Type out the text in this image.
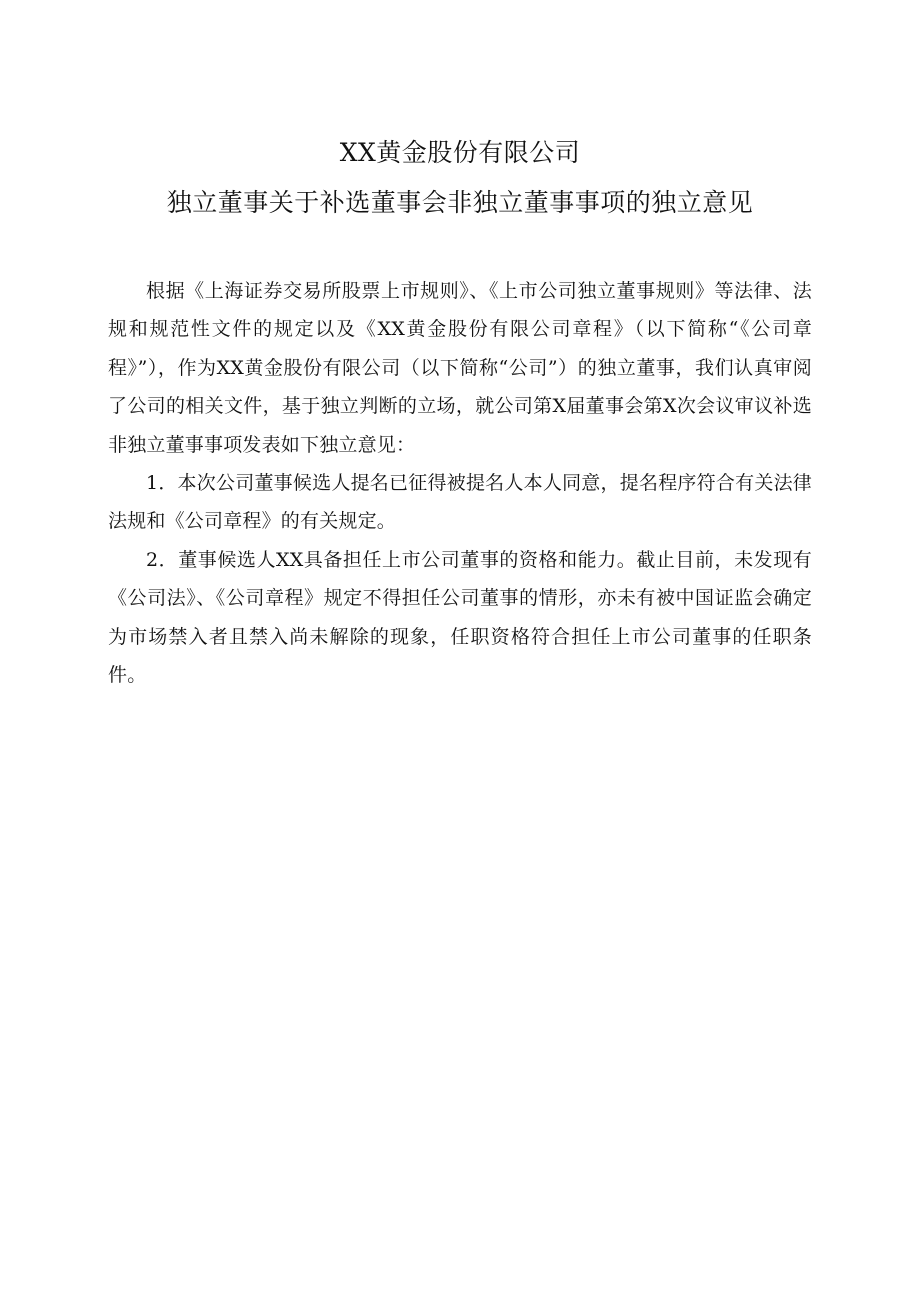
XX黄金股份有限公司
独立董事关于补选董事会非独立董事事项的独立意见

根据《上海证券交易所股票上市规则》、《上市公司独立董事规则》等法律、法规和规范性文件的规定以及《XX黄金股份有限公司章程》（以下简称“《公司章程》”），作为XX黄金股份有限公司（以下简称“公司”）的独立董事，我们认真审阅了公司的相关文件，基于独立判断的立场，就公司第X届董事会第X次会议审议补选非独立董事事项发表如下独立意见：

1．本次公司董事候选人提名已征得被提名人本人同意，提名程序符合有关法律法规和《公司章程》的有关规定。

2．董事候选人XX具备担任上市公司董事的资格和能力。截止目前，未发现有《公司法》、《公司章程》规定不得担任公司董事的情形，亦未有被中国证监会确定为市场禁入者且禁入尚未解除的现象，任职资格符合担任上市公司董事的任职条件。
